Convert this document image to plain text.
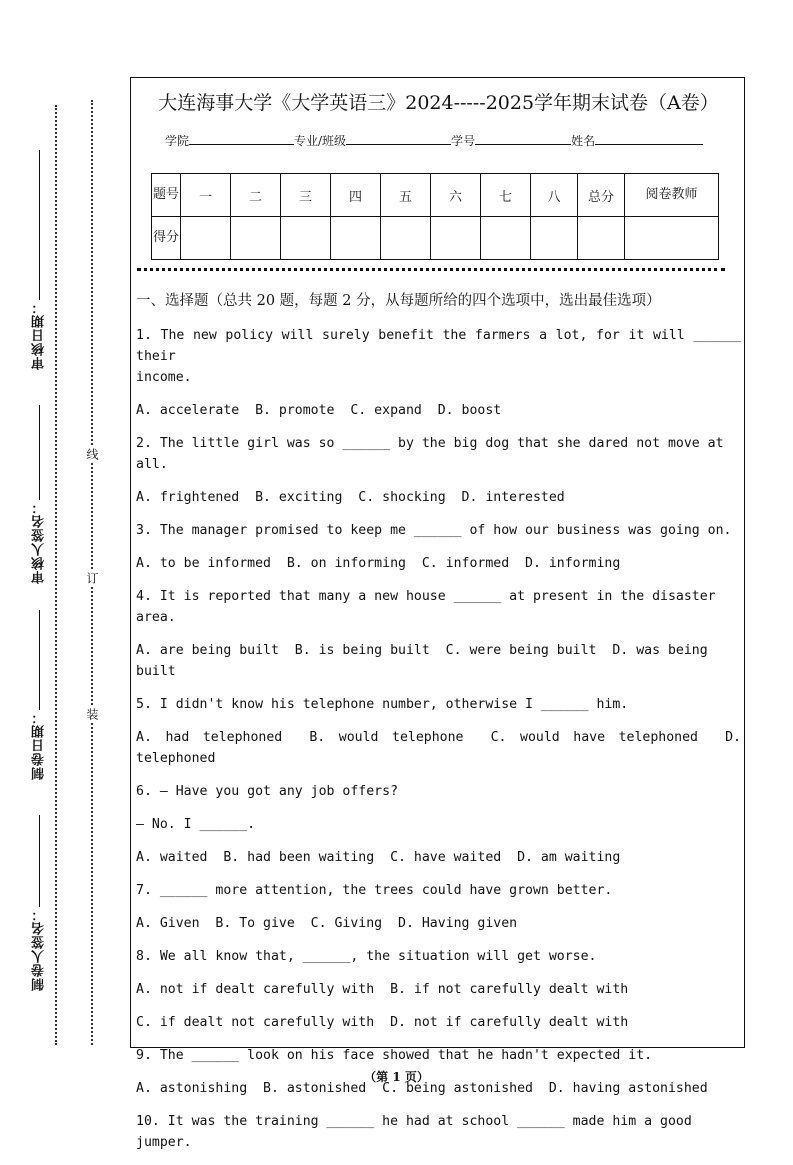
审核日期：
审核人签名：
制卷日期：
制卷人签名：
线
订
装
大连海事大学《大学英语三》2024-----2025学年期末试卷（A卷）
学院	专业/班级	学号	姓名
题号	一	二	三	四	五	六	七	八	总分	阅卷教师
得分										
一、选择题（总共 20 题，每题 2 分，从每题所给的四个选项中，选出最佳选项）
1. The new policy will surely benefit the farmers a lot, for it will ______ their
income.
A. accelerate  B. promote  C. expand  D. boost
2. The little girl was so ______ by the big dog that she dared not move at all.
A. frightened  B. exciting  C. shocking  D. interested
3. The manager promised to keep me ______ of how our business was going on.
A. to be informed  B. on informing  C. informed  D. informing
4. It is reported that many a new house ______ at present in the disaster area.
A. are being built  B. is being built  C. were being built  D. was being built
5. I didn't know his telephone number, otherwise I ______ him.
A. had telephoned  B. would telephone  C. would have telephoned  D.
telephoned
6. — Have you got any job offers?
— No. I ______.
A. waited  B. had been waiting  C. have waited  D. am waiting
7. ______ more attention, the trees could have grown better.
A. Given  B. To give  C. Giving  D. Having given
8. We all know that, ______, the situation will get worse.
A. not if dealt carefully with  B. if not carefully dealt with
C. if dealt not carefully with  D. not if carefully dealt with
9. The ______ look on his face showed that he hadn't expected it.
A. astonishing  B. astonished  C. being astonished  D. having astonished
10. It was the training ______ he had at school ______ made him a good jumper.
（第 1 页）
